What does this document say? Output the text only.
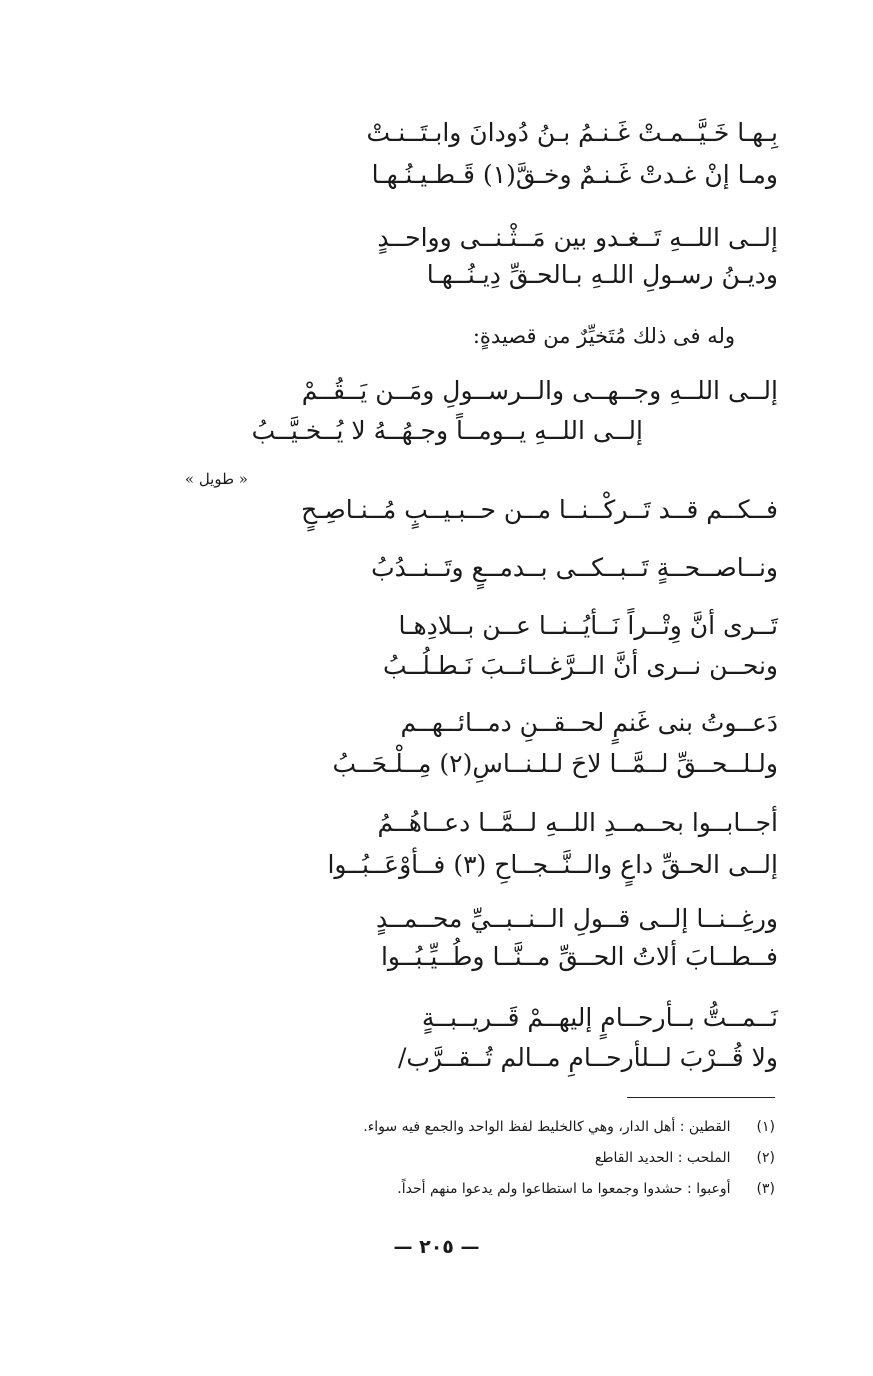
بِـهـا خَـيَّــمـتْ غَـنـمُ بـنُ دُودانَ وابـتَــنـتْ
ومـا إنْ غـدتْ غَـنـمٌ وخـقَّ(١) قَـطـيـنُـهـا
إلــى اللــهِ تَــغـدو بين مَــثْـنــى وواحــدٍ
وديـنُ رسـولِ اللـهِ بـالحـقِّ دِيـنُــهـا
وله فى ذلك مُتَخيِّرٌ من قصيدةٍ:
إلــى اللــهِ وجــهــى والــرســولِ ومَــن يَــقُــمْ
إلــى اللــهِ يــومــاً وجـهُــهُ لا يُــخـيَّــبُ
« طويل »
فــكــم قــد تَــركْــنــا مــن حــبـيــبٍ مُــنـاصِـحٍ
ونــاصــحــةٍ تَــبــكــى بــدمــعٍ وتَــنــدُبُ
تَــرى أنَّ وِتْــراً نَــأيُــنــا عــن بــلادِهـا
ونحــن نــرى أنَّ الــرَّغــائــبَ نَـطـلُــبُ
دَعــوتُ بنى غَنمٍ لحــقــنِ دمــائــهــم
ولـلــحــقِّ لــمَّــا لاحَ لـلـنــاسِ(٢) مِــلْـحَــبُ
أجــابــوا بحــمــدِ اللــهِ لــمَّــا دعــاهُــمُ
إلــى الحـقِّ داعٍ والــنَّــجــاحِ (٣) فــأوْعَــبُــوا
ورغِــنــا إلــى قــولِ الــنــبــيِّ محــمــدٍ
فــطــابَ ألاتُ الحــقِّ مــنَّــا وطُــيِّـبُــوا
نَــمــتُّ بــأرحــامٍ إليهــمْ قَــريــبــةٍ
ولا قُــرْبَ لــلأرحــامِ مــالم تُــقــرَّب/
(١) القطين : أهل الدار، وهي كالخليط لفظ الواحد والجمع فيه سواء.
(٢) الملحب : الحديد القاطع
(٣) أوعبوا : حشدوا وجمعوا ما استطاعوا ولم يدعوا منهم أحداً.
— ٢٠٥ —
